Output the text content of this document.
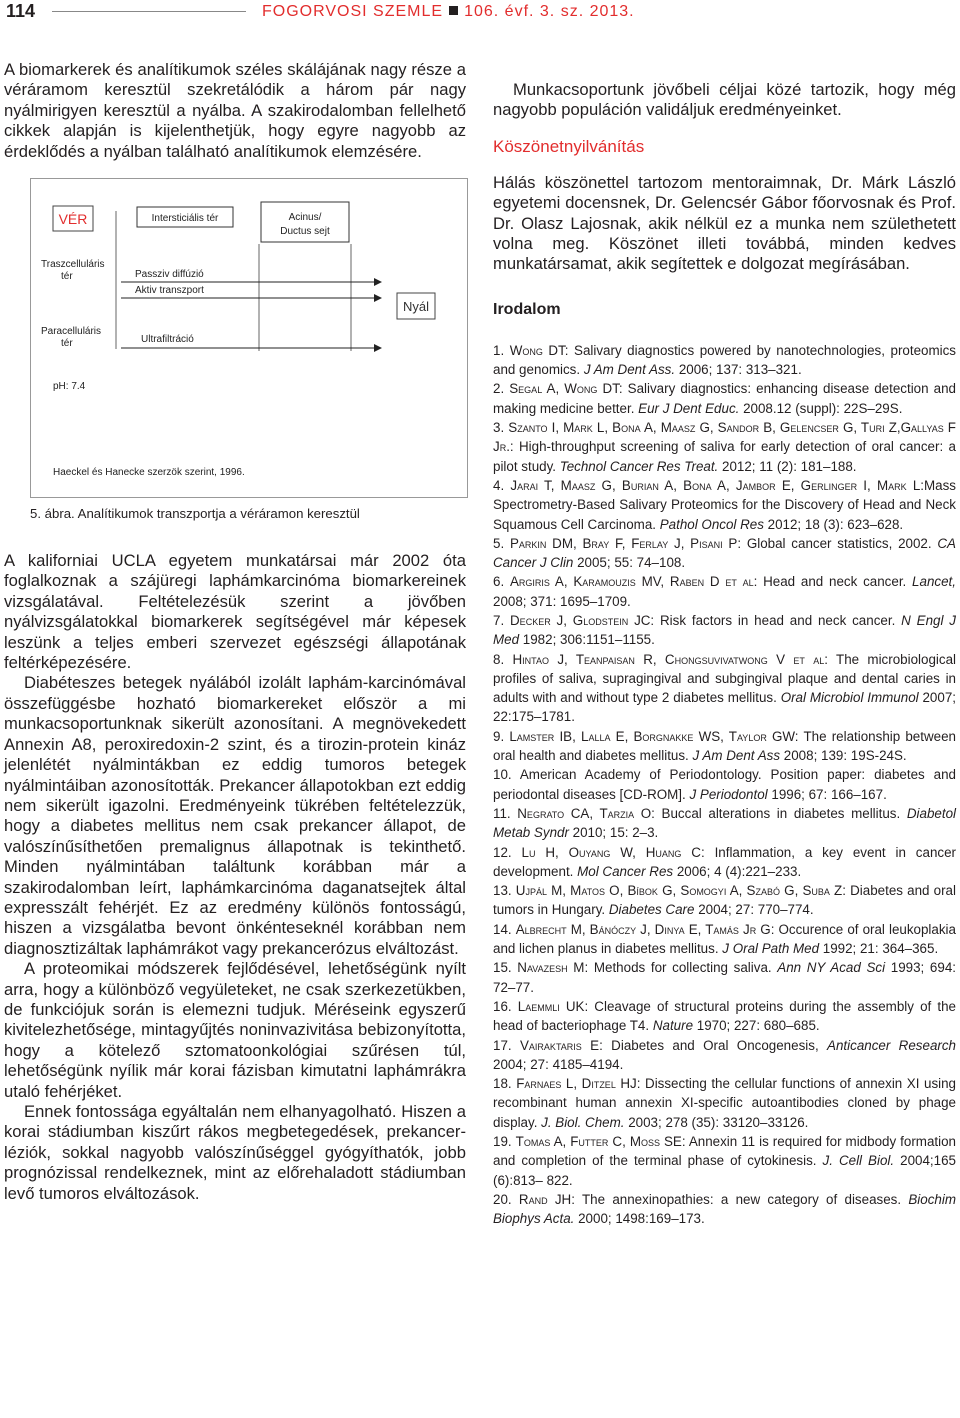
114	FOGORVOSI SZEMLE 106. évf. 3. sz. 2013.

A biomarkerek és analítikumok széles skálájának nagy része a véráramom keresztül szekretálódik a három pár nagy nyálmirigyen keresztül a nyálba. A szakirodalomban fellelhető cikkek alapján is kijelenthetjük, hogy egyre nagyobb az érdeklődés a nyálban található analítikumok elemzésére.

VÉR	Intersticiális tér	Acinus/
Ductus sejt
Nyál
Traszcelluláris
tér
Paracelluláris
tér
pH: 7.4
Passziv diffúzió
Aktiv transzport
Ultrafiltráció
Haeckel és Hanecke szerzök szerint, 1996.
5. ábra. Analítikumok transzportja a véráramon keresztül

A kaliforniai UCLA egyetem munkatársai már 2002 óta foglalkoznak a szájüregi laphámkarcinóma biomarkereinek vizsgálatával. Feltételezésük szerint a jövőben nyálvizsgálatokkal biomarkerek segítségével már képesek leszünk a teljes emberi szervezet egészségi állapotának feltérképezésére.

Diabéteszes betegek nyálából izolált laphám-karcinómával összefüggésbe hozható biomarkereket először a mi munkacsoportunknak sikerült azonosítani. A megnövekedett Annexin A8, peroxiredoxin-2 szint, és a tirozin-protein kináz jelenlétét nyálmintákban ez eddig tumoros betegek nyálmintáiban azonosították. Prekancer állapotokban ezt eddig nem sikerült igazolni. Eredményeink tükrében feltételezzük, hogy a diabetes mellitus nem csak prekancer állapot, de valószínűsíthetően premalignus állapotnak is tekinthető. Minden nyálmintában találtunk korábban már a szakirodalomban leírt, laphámkarcinóma daganatsejtek által expresszált fehérjét. Ez az eredmény különös fontosságú, hiszen a vizsgálatba bevont önkénteseknél korábban nem diagnosztizáltak laphámrákot vagy prekancerózus elváltozást.

A proteomikai módszerek fejlődésével, lehetőségünk nyílt arra, hogy a különböző vegyületeket, ne csak szerkezetükben, de funkciójuk során is elemezni tudjuk. Méréseink egyszerű kivitelezhetősége, mintagyűjtés noninvazivitása bebizonyította, hogy a kötelező sztomatoonkológiai szűrésen túl, lehetőségünk nyílik már korai fázisban kimutatni laphámrákra utaló fehérjéket.

Ennek fontossága egyáltalán nem elhanyagolható. Hiszen a korai stádiumban kiszűrt rákos megbetegedések, prekancer-léziók, sokkal nagyobb valószínűséggel gyógyíthatók, jobb prognózissal rendelkeznek, mint az előrehaladott stádiumban levő tumoros elváltozások.

Munkacsoportunk jövőbeli céljai közé tartozik, hogy még nagyobb populáción validáljuk eredményeinket.

Köszönetnyilvánítás

Hálás köszönettel tartozom mentoraimnak, Dr. Márk László egyetemi docensnek, Dr. Gelencsér Gábor főorvosnak és Prof. Dr. Olasz Lajosnak, akik nélkül ez a munka nem születhetett volna meg. Köszönet illeti továbbá, minden kedves munkatársamat, akik segítettek e dolgozat megírásában.

Irodalom
1. Wong DT: Salivary diagnostics powered by nanotechnologies, proteomics and genomics. J Am Dent Ass. 2006; 137: 313–321.
2. Segal A, Wong DT: Salivary diagnostics: enhancing disease detection and making medicine better. Eur J Dent Educ. 2008.12 (suppl): 22S–29S.
3. Szanto I, Mark L, Bona A, Maasz G, Sandor B, Gelencser G, Turi Z,Gallyas F Jr.: High-throughput screening of saliva for early detection of oral cancer: a pilot study. Technol Cancer Res Treat. 2012; 11 (2): 181–188.
4. Jarai T, Maasz G, Burian A, Bona A, Jambor E, Gerlinger I, Mark L:Mass Spectrometry-Based Salivary Proteomics for the Discovery of Head and Neck Squamous Cell Carcinoma. Pathol Oncol Res 2012; 18 (3): 623–628.
5. Parkin DM, Bray F, Ferlay J, Pisani P: Global cancer statistics, 2002. CA Cancer J Clin 2005; 55: 74–108.
6. Argiris A, Karamouzis MV, Raben D et al: Head and neck cancer. Lancet, 2008; 371: 1695–1709.
7. Decker J, Glodstein JC: Risk factors in head and neck cancer. N Engl J Med 1982; 306:1151–1155.
8. Hintao J, Teanpaisan R, Chongsuvivatwong V et al: The microbiological profiles of saliva, supragingival and subgingival plaque and dental caries in adults with and without type 2 diabetes mellitus. Oral Microbiol Immunol 2007; 22:175–1781.
9. Lamster IB, Lalla E, Borgnakke WS, Taylor GW: The relationship between oral health and diabetes mellitus. J Am Dent Ass 2008; 139: 19S-24S.
10. American Academy of Periodontology. Position paper: diabetes and periodontal diseases [CD-ROM]. J Periodontol 1996; 67: 166–167.
11. Negrato CA, Tarzia O: Buccal alterations in diabetes mellitus. Diabetol Metab Syndr 2010; 15: 2–3.
12. Lu H, Ouyang W, Huang C: Inflammation, a key event in cancer development. Mol Cancer Res 2006; 4 (4):221–233.
13. Ujpál M, Matos O, Bíbok G, Somogyi A, Szabó G, Suba Z: Diabetes and oral tumors in Hungary. Diabetes Care 2004; 27: 770–774.
14. Albrecht M, Bánóczy J, Dinya E, Tamás Jr G: Occurence of oral leukoplakia and lichen planus in diabetes mellitus. J Oral Path Med 1992; 21: 364–365.
15. Navazesh M: Methods for collecting saliva. Ann NY Acad Sci 1993; 694: 72–77.
16. Laemmli UK: Cleavage of structural proteins during the assembly of the head of bacteriophage T4. Nature 1970; 227: 680–685.
17. Vairaktaris E: Diabetes and Oral Oncogenesis, Anticancer Research 2004; 27: 4185–4194.
18. Farnaes L, Ditzel HJ: Dissecting the cellular functions of annexin XI using recombinant human annexin XI-specific autoantibodies cloned by phage display. J. Biol. Chem. 2003; 278 (35): 33120–33126.
19. Tomas A, Futter C, Moss SE: Annexin 11 is required for midbody formation and completion of the terminal phase of cytokinesis. J. Cell Biol. 2004;165 (6):813– 822.
20. Rand JH: The annexinopathies: a new category of diseases. Biochim Biophys Acta. 2000; 1498:169–173.
